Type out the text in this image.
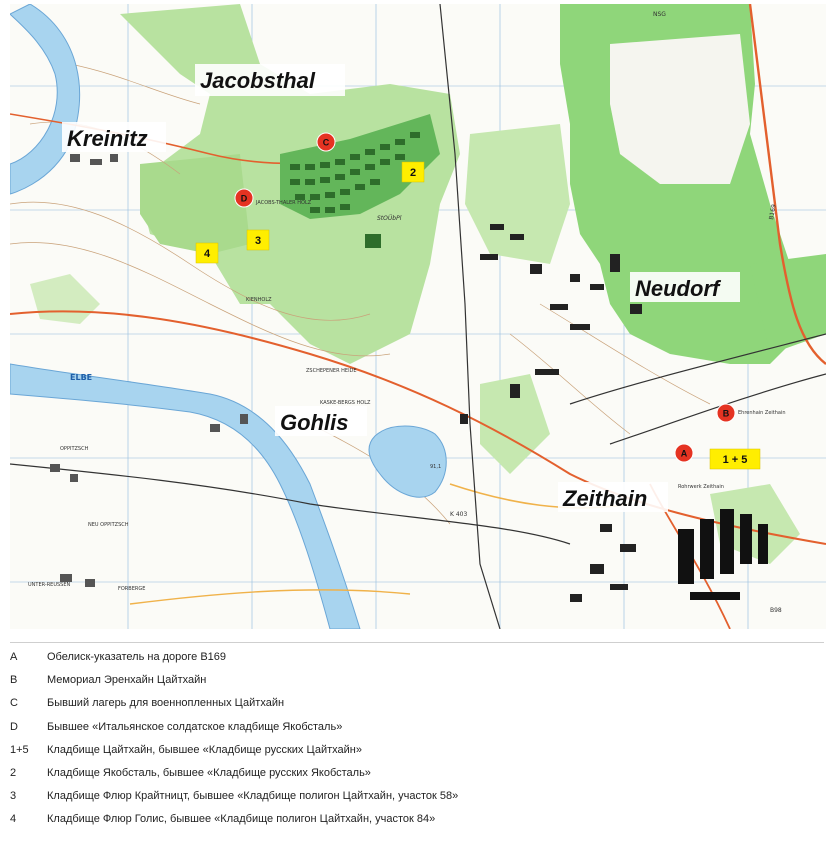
Jacobsthal
Kreinitz
Neudorf
Gohlis
Zeithain
ELBE
StOÜbPl
NSG
B169
B98
K 403
JACOBS-THALER HOLZ
KIENHOLZ
ZSCHEPENER HEIDE
KASKE-BERGS HOLZ
OPPITZSCH
NEU OPPITZSCH
FORBERGE
UNTER-REUSSEN
Rohrwerk Zeithain
Ehrenhain Zeithain
91,1
C
D
A
B
2
3
4
1 + 5
A	Обелиск-указатель на дороге B169
B	Мемориал Эренхайн Цайтхайн
C	Бывший лагерь для военнопленных Цайтхайн
D	Бывшее «Итальянское солдатское кладбище Якобсталь»
1+5	Кладбище Цайтхайн, бывшее «Кладбище русских Цайтхайн»
2	Кладбище Якобсталь, бывшее «Кладбище русских Якобсталь»
3	Кладбище Флюр Крайтницт, бывшее «Кладбище полигон Цайтхайн, участок 58»
4	Кладбище Флюр Голис, бывшее «Кладбище полигон Цайтхайн, участок 84»
